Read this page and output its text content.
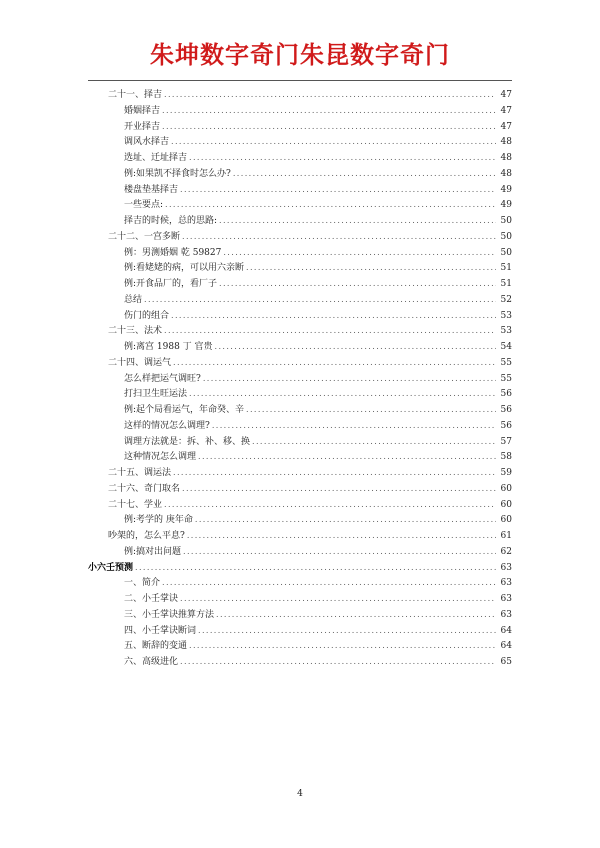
朱坤数字奇门朱昆数字奇门
二十一、择吉 .....	47
婚姻择吉 .....	47
开业择吉 .....	47
调风水择吉 .....	48
选址、迁址择吉 .....	48
例:如果凯不择食时怎么办? .....	48
楼盘垫基择吉 .....	49
一些要点: .....	49
择吉的时候，总的思路: .....	50
二十二、一宫多断 .....	50
例：男测婚姻 乾 59827 .....	50
例:看姥姥的病，可以用六亲断 .....	51
例:开食品厂的，看厂子 .....	51
总结 .....	52
伤门的组合 .....	53
二十三、法术 .....	53
例:离宫 1988 丁 官贵 .....	54
二十四、调运气 .....	55
怎么样把运气调旺? .....	55
打扫卫生旺运法 .....	56
例:起个局看运气，年命癸、辛 .....	56
这样的情况怎么调理? .....	56
调理方法就是：拆、补、移、换 .....	57
这种情况怎么调理 .....	58
二十五、调运法 .....	59
二十六、奇门取名 .....	60
二十七、学业 .....	60
例:考学的 庚年命 .....	60
吵架的，怎么平息? .....	61
例:搞对出问题 .....	62
小六壬预测 .....	63
一、简介 .....	63
二、小壬掌诀 .....	63
三、小壬掌诀推算方法 .....	63
四、小壬掌诀断词 .....	64
五、断辞的变通 .....	64
六、高级进化 .....	65
4
